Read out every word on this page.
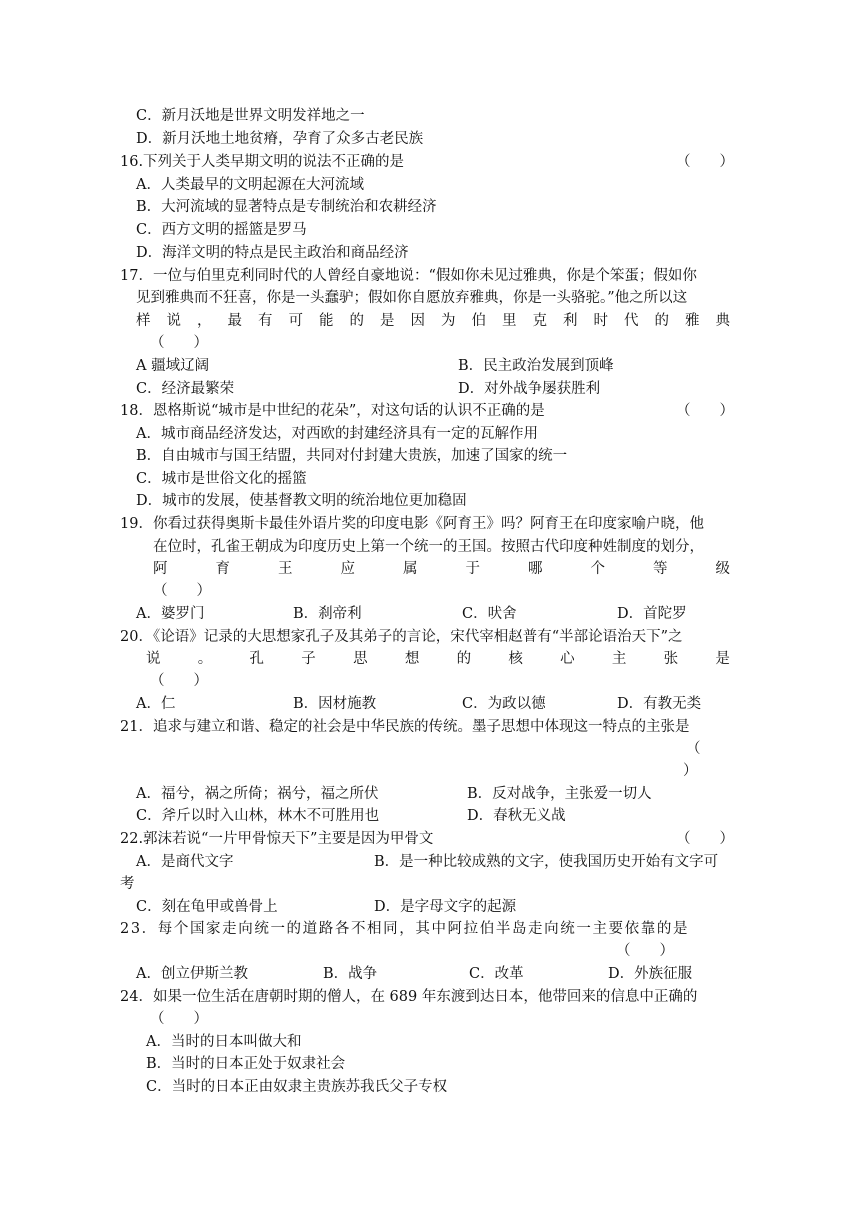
C．新月沃地是世界文明发祥地之一
D．新月沃地土地贫瘠，孕育了众多古老民族
16.下列关于人类早期文明的说法不正确的是	（　　）
A．人类最早的文明起源在大河流域
B．大河流域的显著特点是专制统治和农耕经济
C．西方文明的摇篮是罗马
D．海洋文明的特点是民主政治和商品经济
17．一位与伯里克利同时代的人曾经自豪地说：“假如你未见过雅典，你是个笨蛋；假如你
见到雅典而不狂喜，你是一头蠢驴；假如你自愿放弃雅典，你是一头骆驼。”他之所以这
样 说 ， 最 有 可 能 的 是 因 为 伯 里 克 利 时 代 的 雅 典
（　　）
A 疆域辽阔	B．民主政治发展到顶峰
C．经济最繁荣	D．对外战争屡获胜利
18．恩格斯说“城市是中世纪的花朵”，对这句话的认识不正确的是	（　　）
A．城市商品经济发达，对西欧的封建经济具有一定的瓦解作用
B．自由城市与国王结盟，共同对付封建大贵族，加速了国家的统一
C．城市是世俗文化的摇篮
D．城市的发展，使基督教文明的统治地位更加稳固
19．你看过获得奥斯卡最佳外语片奖的印度电影《阿育王》吗？阿育王在印度家喻户晓，他
在位时，孔雀王朝成为印度历史上第一个统一的王国。按照古代印度种姓制度的划分，
阿	育	王	应	属	于	哪	个	等	级
（　　）
A．婆罗门	B．刹帝利	C．吠舍	D．首陀罗
20．《论语》记录的大思想家孔子及其弟子的言论，宋代宰相赵普有“半部论语治天下”之
说	。	孔	子	思	想	的	核	心	主	张	是
（　　）
A．仁	B．因材施教	C．为政以德	D．有教无类
21．追求与建立和谐、稳定的社会是中华民族的传统。墨子思想中体现这一特点的主张是
（
）
A．福兮，祸之所倚；祸兮，福之所伏	B．反对战争，主张爱一切人
C．斧斤以时入山林，林木不可胜用也	D．春秋无义战
22.郭沫若说“一片甲骨惊天下”主要是因为甲骨文	（　　）
A．是商代文字	B．是一种比较成熟的文字，使我国历史开始有文字可
考
C．刻在龟甲或兽骨上	D．是字母文字的起源
23．每个国家走向统一的道路各不相同，其中阿拉伯半岛走向统一主要依靠的是
（　　）
A．创立伊斯兰教	B．战争	C．改革	D．外族征服
24．如果一位生活在唐朝时期的僧人，在 689 年东渡到达日本，他带回来的信息中正确的
（　　）
A．当时的日本叫做大和
B．当时的日本正处于奴隶社会
C．当时的日本正由奴隶主贵族苏我氏父子专权
